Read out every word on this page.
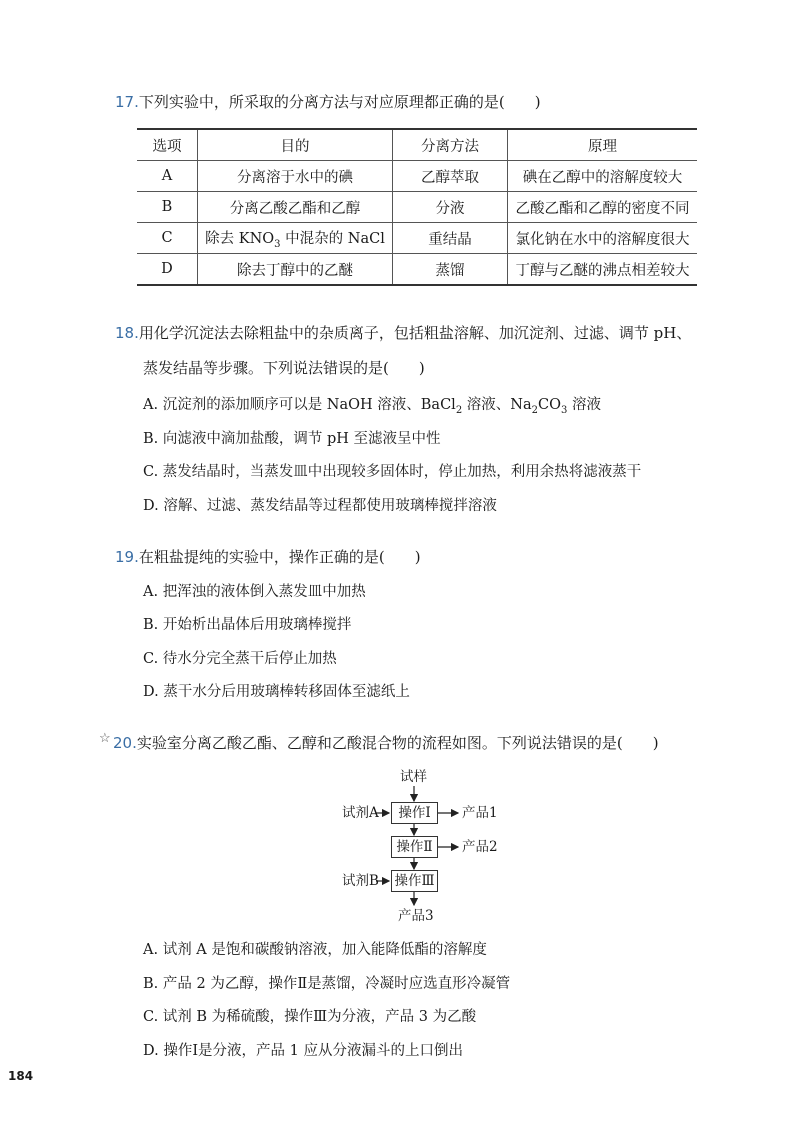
17.下列实验中，所采取的分离方法与对应原理都正确的是(　　)
选项	目的	分离方法	原理
A	分离溶于水中的碘	乙醇萃取	碘在乙醇中的溶解度较大
B	分离乙酸乙酯和乙醇	分液	乙酸乙酯和乙醇的密度不同
C	除去 $KNO_3$ 中混杂的 NaCl	重结晶	氯化钠在水中的溶解度很大
D	除去丁醇中的乙醚	蒸馏	丁醇与乙醚的沸点相差较大
18.用化学沉淀法去除粗盐中的杂质离子，包括粗盐溶解、加沉淀剂、过滤、调节 pH、
蒸发结晶等步骤。下列说法错误的是(　　)
A. 沉淀剂的添加顺序可以是 NaOH 溶液、BaCl$_2$ 溶液、$Na_2CO_3$ 溶液
B. 向滤液中滴加盐酸，调节 pH 至滤液呈中性
C. 蒸发结晶时，当蒸发皿中出现较多固体时，停止加热，利用余热将滤液蒸干
D. 溶解、过滤、蒸发结晶等过程都使用玻璃棒搅拌溶液
19.在粗盐提纯的实验中，操作正确的是(　　)
A. 把浑浊的液体倒入蒸发皿中加热
B. 开始析出晶体后用玻璃棒搅拌
C. 待水分完全蒸干后停止加热
D. 蒸干水分后用玻璃棒转移固体至滤纸上
☆ 20.实验室分离乙酸乙酯、乙醇和乙酸混合物的流程如图。下列说法错误的是(　　)
试样
试剂A	操作Ⅰ	产品1
操作Ⅱ	产品2
试剂B 操作Ⅲ
产品3
A. 试剂 A 是饱和碳酸钠溶液，加入能降低酯的溶解度
B. 产品 2 为乙醇，操作Ⅱ是蒸馏，冷凝时应选直形冷凝管
C. 试剂 B 为稀硫酸，操作Ⅲ为分液，产品 3 为乙酸
D. 操作Ⅰ是分液，产品 1 应从分液漏斗的上口倒出
184
